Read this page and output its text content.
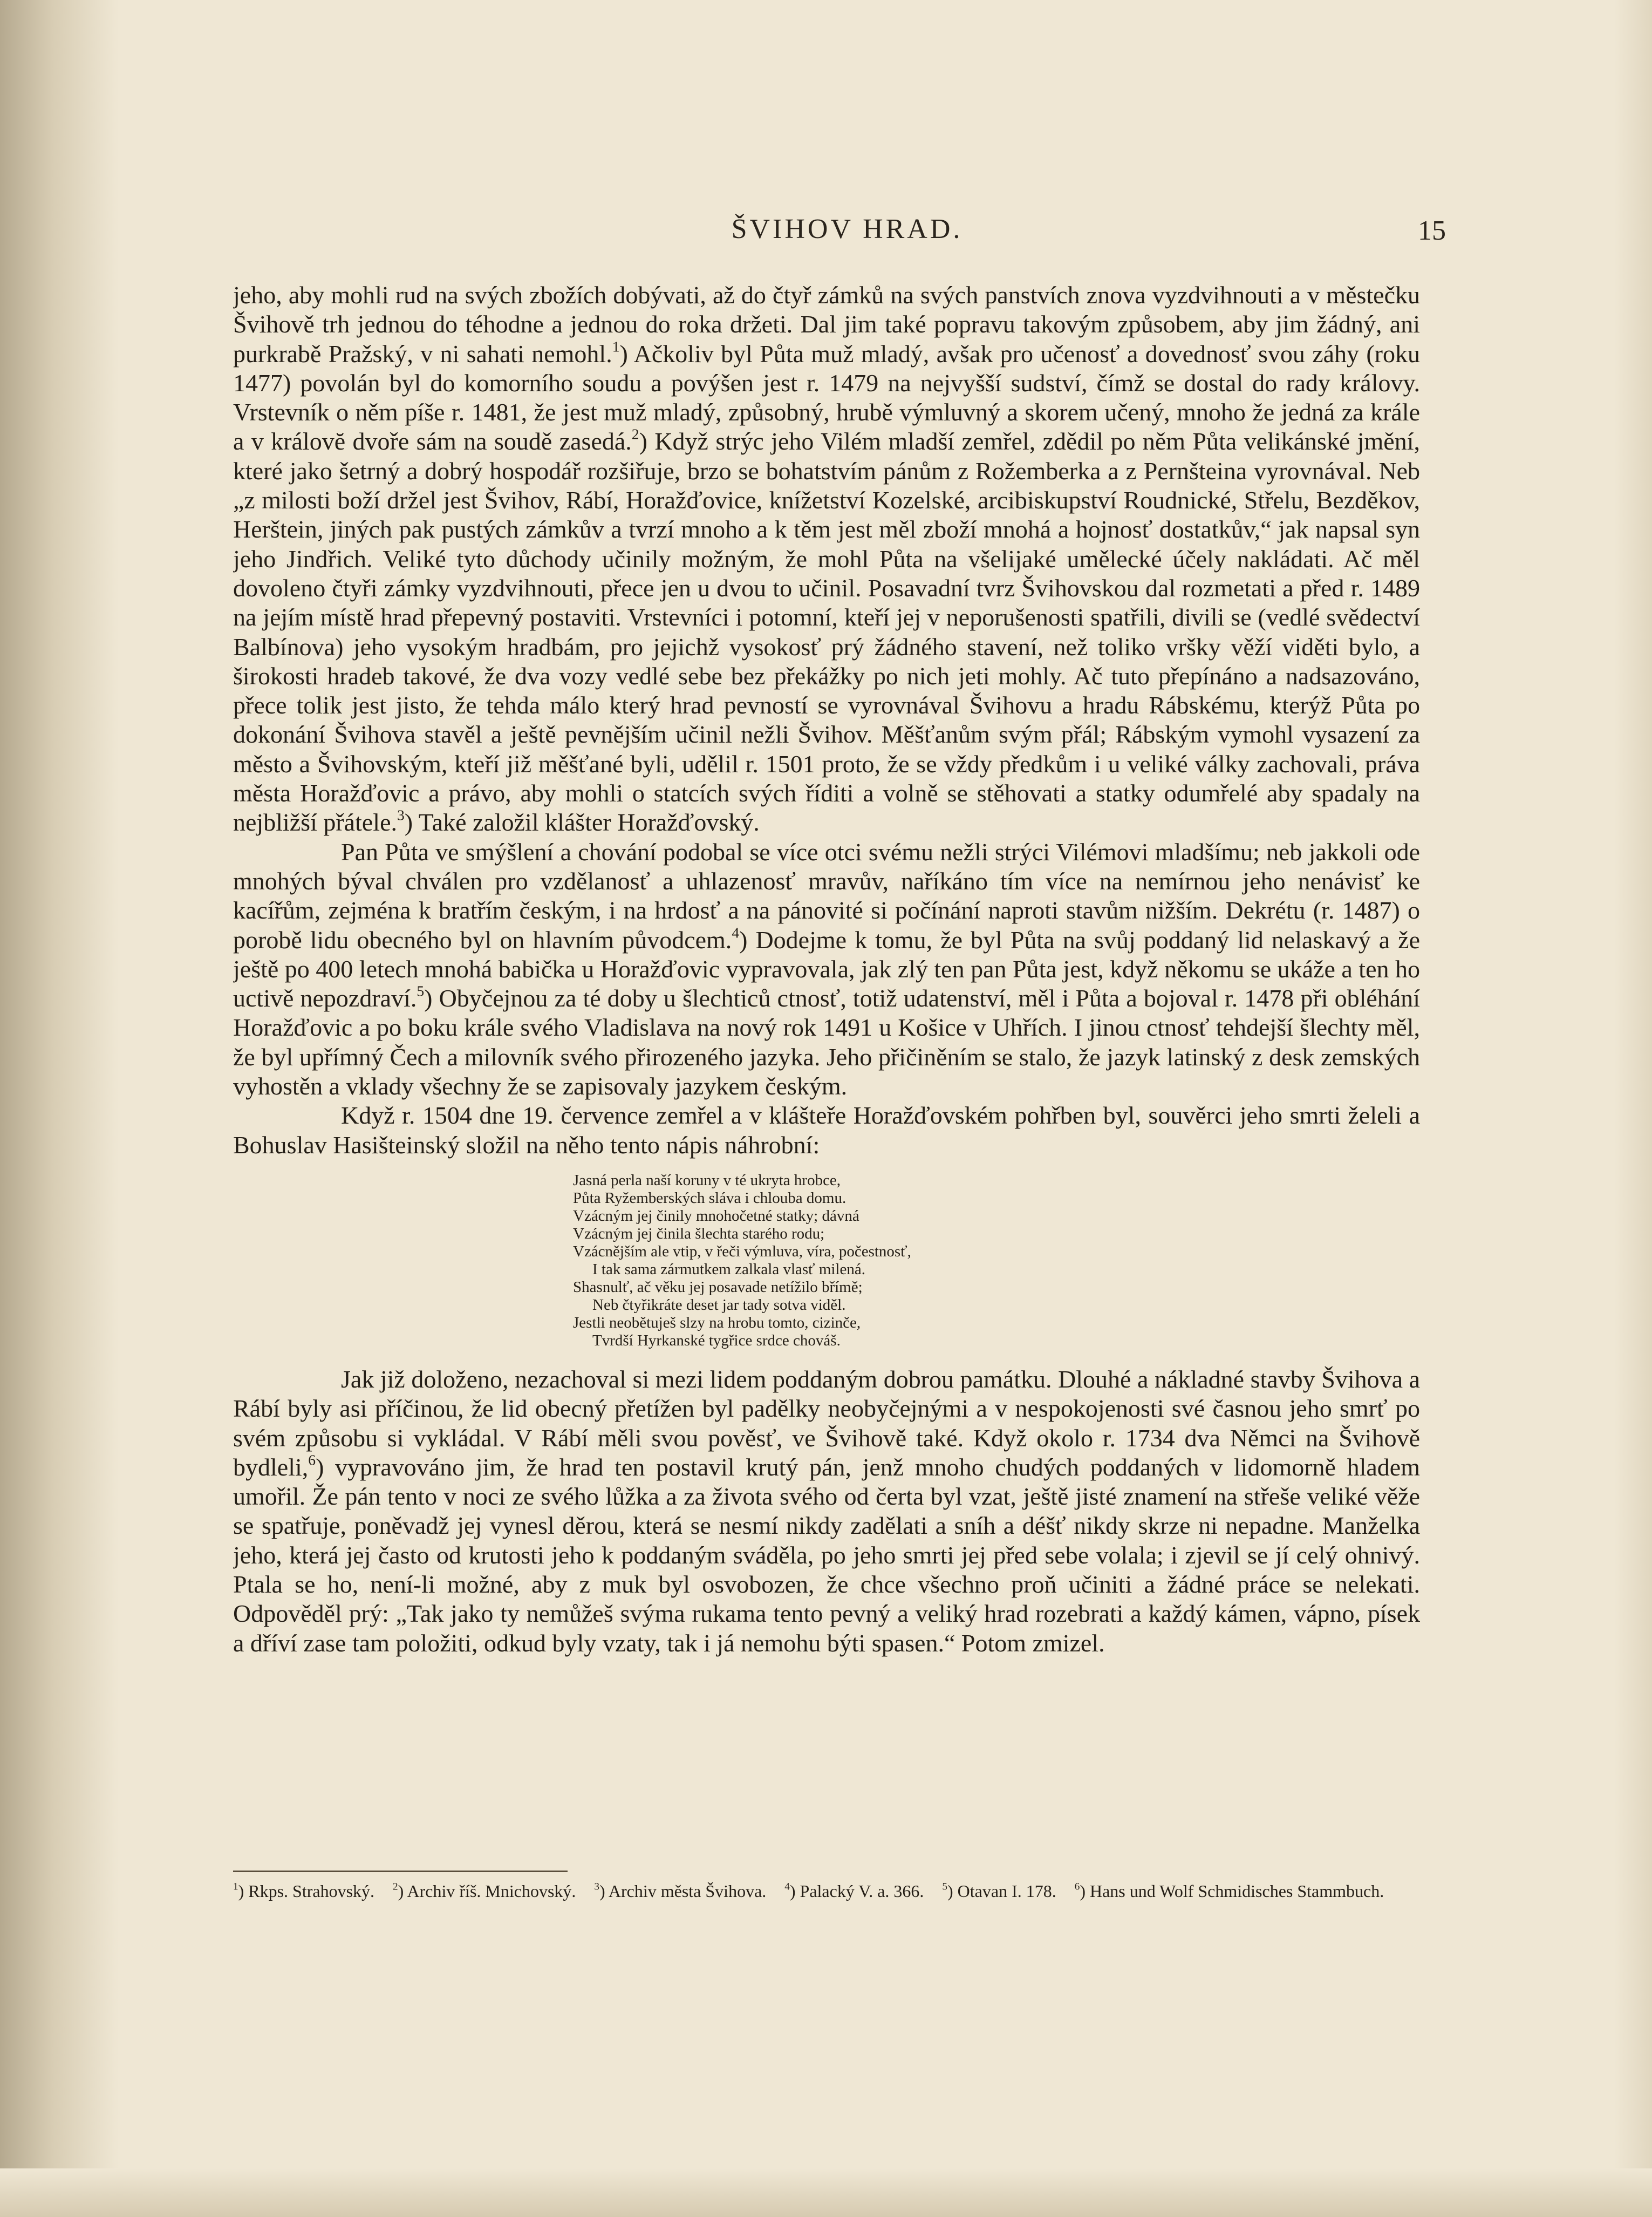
ŠVIHOV HRAD.	15

jeho, aby mohli rud na svých zbožích dobývati, až do čtyř zámků na svých panstvích znova vyzdvihnouti a v městečku Švihově trh jednou do téhodne a jednou do roka držeti. Dal jim také popravu takovým způsobem, aby jim žádný, ani purkrabě Pražský, v ni sahati nemohl.$^1$) Ačkoliv byl Půta muž mladý, avšak pro učenosť a dovednosť svou záhy (roku 1477) povolán byl do komorního soudu a povýšen jest r. 1479 na nejvyšší sudství, čímž se dostal do rady královy. Vrstevník o něm píše r. 1481, že jest muž mladý, způsobný, hrubě výmluvný a skorem učený, mnoho že jedná za krále a v královĕ dvoře sám na soudě zasedá.$^2$) Když strýc jeho Vilém mladší zemřel, zdědil po něm Půta velikánské jmění, které jako šetrný a dobrý hospodář rozšiřuje, brzo se bohatstvím pánům z Rožemberka a z Pernšteina vyrovnával. Neb „z milosti boží držel jest Švihov, Rábí, Horažďovice, knížetství Kozelské, arcibiskupství Roudnické, Střelu, Bezděkov, Herštein, jiných pak pustých zámkův a tvrzí mnoho a k těm jest měl zboží mnohá a hojnosť dostatkův,“ jak napsal syn jeho Jindřich. Veliké tyto důchody učinily možným, že mohl Půta na všelijaké umělecké účely nakládati. Ač měl dovoleno čtyři zámky vyzdvihnouti, přece jen u dvou to učinil. Posavadní tvrz Švihovskou dal rozmetati a před r. 1489 na jejím místě hrad přepevný postaviti. Vrstevníci i potomní, kteří jej v neporušenosti spatřili, divili se (vedlé svědectví Balbínova) jeho vysokým hradbám, pro jejichž vysokosť prý žádného stavení, než toliko vršky věží viděti bylo, a širokosti hradeb takové, že dva vozy vedlé sebe bez překážky po nich jeti mohly. Ač tuto přepínáno a nadsazováno, přece tolik jest jisto, že tehda málo který hrad pevností se vyrovnával Švihovu a hradu Rábskému, kterýž Půta po dokonání Švihova stavěl a ještě pevnějším učinil nežli Švihov. Měšťanům svým přál; Rábským vymohl vysazení za město a Švihovským, kteří již měšťané byli, udělil r. 1501 proto, že se vždy předkům i u veliké války zachovali, práva města Horažďovic a právo, aby mohli o statcích svých říditi a volně se stěhovati a statky odumřelé aby spadaly na nejbližší přátele.$^3$) Také založil klášter Horažďovský.

Pan Půta ve smýšlení a chování podobal se více otci svému nežli strýci Vilémovi mladšímu; neb jakkoli ode mnohých býval chválen pro vzdělanosť a uhlazenosť mravův, naříkáno tím více na nemírnou jeho nenávisť ke kacířům, zejména k bratřím českým, i na hrdosť a na pánovité si počínání naproti stavům nižším. Dekrétu (r. 1487) o porobě lidu obecného byl on hlavním původcem.$^4$) Dodejme k tomu, že byl Půta na svůj poddaný lid nelaskavý a že ještě po 400 letech mnohá babička u Horažďovic vypravovala, jak zlý ten pan Půta jest, když někomu se ukáže a ten ho uctivě nepozdraví.$^5$) Obyčejnou za té doby u šlechticů ctnosť, totiž udatenství, měl i Půta a bojoval r. 1478 při obléhání Horažďovic a po boku krále svého Vladislava na nový rok 1491 u Košice v Uhřích. I jinou ctnosť tehdejší šlechty měl, že byl upřímný Čech a milovník svého přirozeného jazyka. Jeho přičiněním se stalo, že jazyk latinský z desk zemských vyhostěn a vklady všechny že se zapisovaly jazykem českým.

Když r. 1504 dne 19. července zemřel a v klášteře Horažďovském pohřben byl, souvěrci jeho smrti želeli a Bohuslav Hasišteinský složil na něho tento nápis náhrobní:

Jasná perla naší koruny v té ukryta hrobce,
Půta Ryžemberských sláva i chlouba domu.
Vzácným jej činily mnohočetné statky; dávná
Vzácným jej činila šlechta starého rodu;
Vzácnějším ale vtip, v řeči výmluva, víra, počestnosť,
I tak sama zármutkem zalkala vlasť milená.
Shasnulť, ač věku jej posavade netížilo břímě;
Neb čtyřikráte deset jar tady sotva viděl.
Jestli neobětuješ slzy na hrobu tomto, cizinče,
Tvrdší Hyrkanské tygřice srdce chováš.

Jak již doloženo, nezachoval si mezi lidem poddaným dobrou památku. Dlouhé a nákladné stavby Švihova a Rábí byly asi příčinou, že lid obecný přetížen byl padělky neobyčejnými a v nespokojenosti své časnou jeho smrť po svém způsobu si vykládal. V Rábí měli svou pověsť, ve Švihově také. Když okolo r. 1734 dva Němci na Švihově bydleli,$^6$) vypravováno jim, že hrad ten postavil krutý pán, jenž mnoho chudých poddaných v lidomorně hladem umořil. Že pán tento v noci ze svého lůžka a za života svého od čerta byl vzat, ještě jisté znamení na střeše veliké věže se spatřuje, poněvadž jej vynesl děrou, která se nesmí nikdy zadělati a sníh a déšť nikdy skrze ni nepadne. Manželka jeho, která jej často od krutosti jeho k poddaným sváděla, po jeho smrti jej před sebe volala; i zjevil se jí celý ohnivý. Ptala se ho, není-li možné, aby z muk byl osvobozen, že chce všechno proň učiniti a žádné práce se nelekati. Odpověděl prý: „Tak jako ty nemůžeš svýma rukama tento pevný a veliký hrad rozebrati a každý kámen, vápno, písek a dříví zase tam položiti, odkud byly vzaty, tak i já nemohu býti spasen.“ Potom zmizel.

$^1$) Rkps. Strahovský. $^2$) Archiv říš. Mnichovský. $^3$) Archiv města Švihova. $^4$) Palacký V. a. 366. $^5$) Otavan I. 178. $^6$) Hans und Wolf Schmidisches Stammbuch.
